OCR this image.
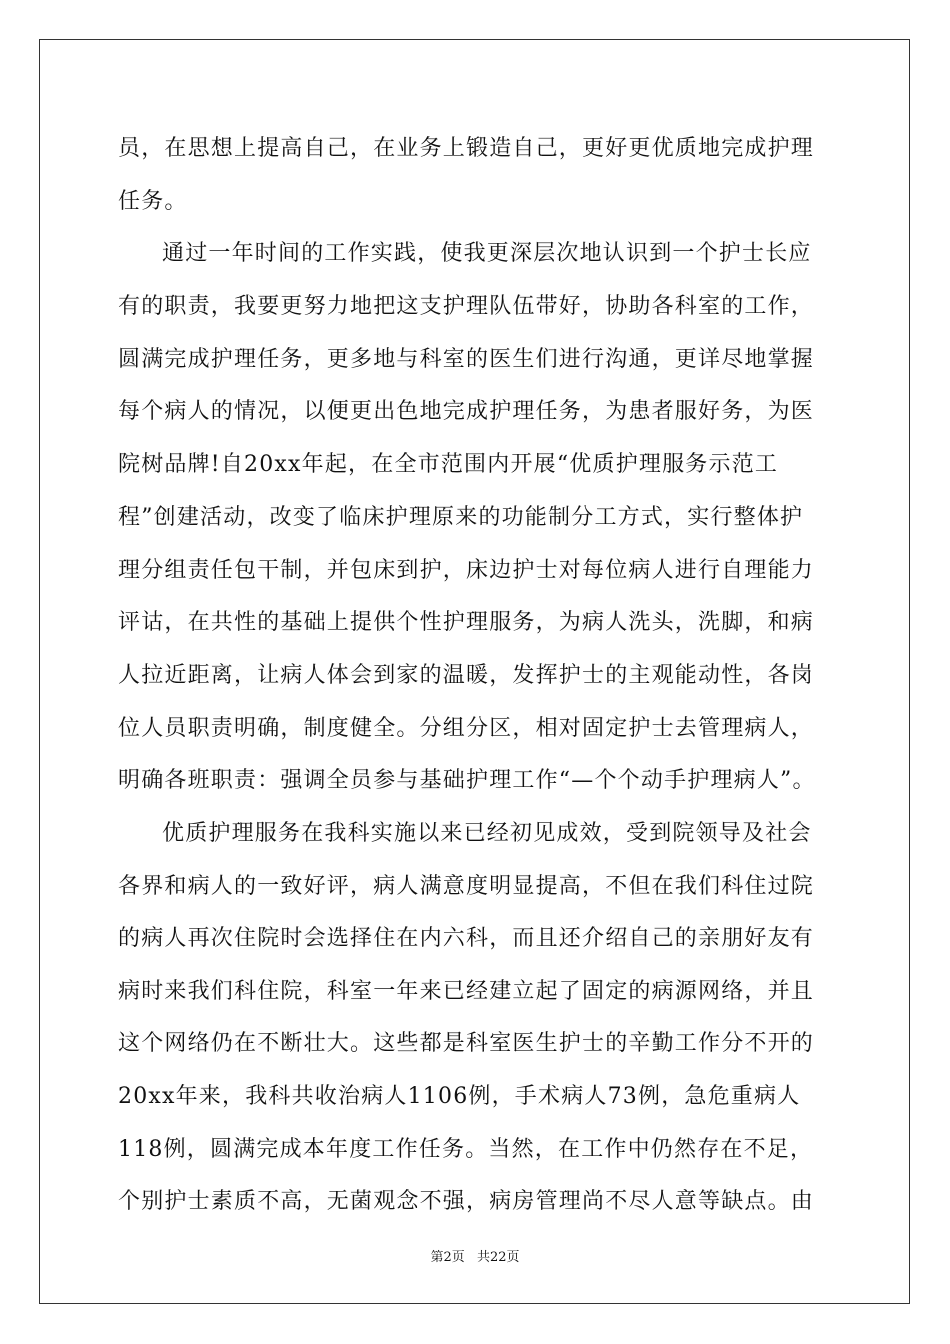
员，在思想上提高自己，在业务上锻造自己，更好更优质地完成护理
任务。
通过一年时间的工作实践，使我更深层次地认识到一个护士长应
有的职责，我要更努力地把这支护理队伍带好，协助各科室的工作，
圆满完成护理任务，更多地与科室的医生们进行沟通，更详尽地掌握
每个病人的情况，以便更出色地完成护理任务，为患者服好务，为医
院树品牌!自20xx年起，在全市范围内开展“优质护理服务示范工
程”创建活动，改变了临床护理原来的功能制分工方式，实行整体护
理分组责任包干制，并包床到护，床边护士对每位病人进行自理能力
评诂，在共性的基础上提供个性护理服务，为病人洗头，洗脚，和病
人拉近距离，让病人体会到家的温暖，发挥护士的主观能动性，各岗
位人员职责明确，制度健全。分组分区，相对固定护士去管理病人，
明确各班职责：强调全员参与基础护理工作“—个个动手护理病人”。
优质护理服务在我科实施以来已经初见成效，受到院领导及社会
各界和病人的一致好评，病人满意度明显提高，不但在我们科住过院
的病人再次住院时会选择住在内六科，而且还介绍自己的亲朋好友有
病时来我们科住院，科室一年来已经建立起了固定的病源网络，并且
这个网络仍在不断壮大。这些都是科室医生护士的辛勤工作分不开的
20xx年来，我科共收治病人1106例，手术病人73例，急危重病人
118例，圆满完成本年度工作任务。当然，在工作中仍然存在不足，
个别护士素质不高，无菌观念不强，病房管理尚不尽人意等缺点。由
第2页 共22页
